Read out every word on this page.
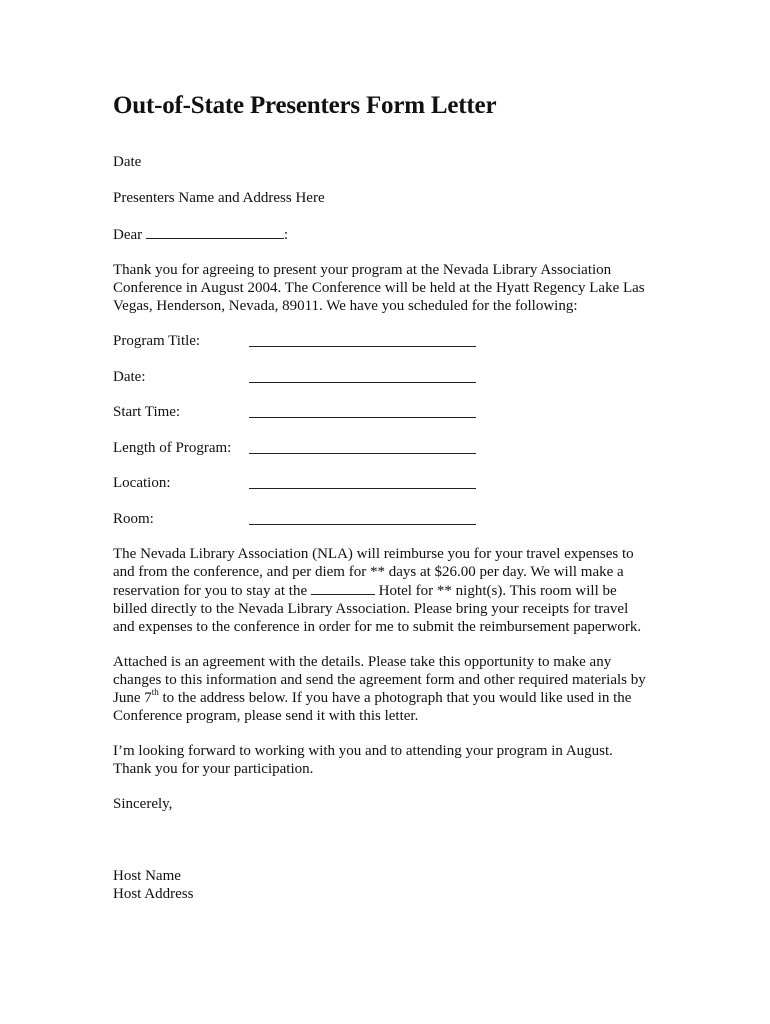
Out-of-State Presenters Form Letter
Date
Presenters Name and Address Here
Dear	:
Thank you for agreeing to present your program at the Nevada Library Association
Conference in August 2004. The Conference will be held at the Hyatt Regency Lake Las
Vegas, Henderson, Nevada, 89011. We have you scheduled for the following:
Program Title:
Date:
Start Time:
Length of Program:
Location:
Room:
The Nevada Library Association (NLA) will reimburse you for your travel expenses to
and from the conference, and per diem for ** days at $26.00 per day. We will make a
reservation for you to stay at the	Hotel for ** night(s). This room will be
billed directly to the Nevada Library Association. Please bring your receipts for travel
and expenses to the conference in order for me to submit the reimbursement paperwork.
Attached is an agreement with the details. Please take this opportunity to make any
changes to this information and send the agreement form and other required materials by
June 7th to the address below. If you have a photograph that you would like used in the
Conference program, please send it with this letter.
I’m looking forward to working with you and to attending your program in August.
Thank you for your participation.
Sincerely,
Host Name
Host Address
